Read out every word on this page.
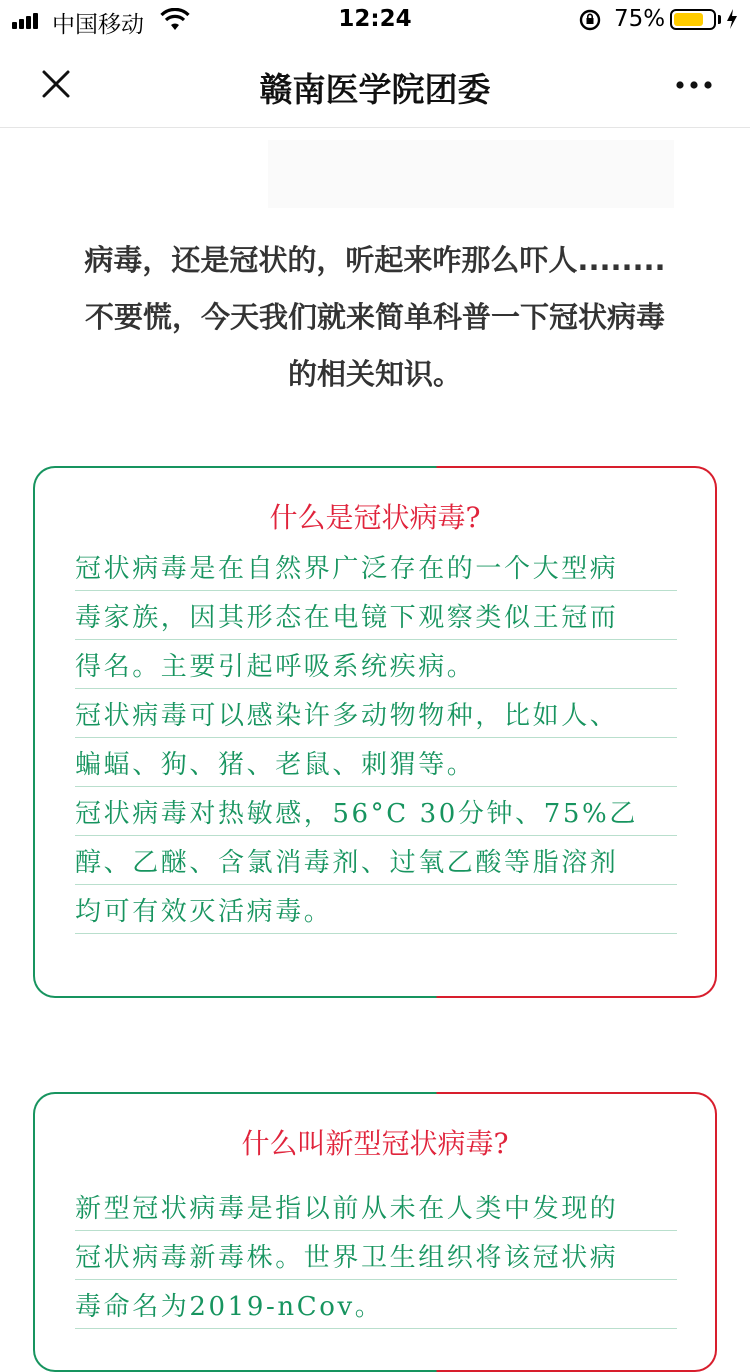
中国移动	12:24	75%
赣南医学院团委
病毒，还是冠状的，听起来咋那么吓人........
不要慌，今天我们就来简单科普一下冠状病毒
的相关知识。
什么是冠状病毒?
冠状病毒是在自然界广泛存在的一个大型病
毒家族，因其形态在电镜下观察类似王冠而
得名。主要引起呼吸系统疾病。
冠状病毒可以感染许多动物物种，比如人、
蝙蝠、狗、猪、老鼠、刺猬等。
冠状病毒对热敏感，56°C 30分钟、75%乙
醇、乙醚、含氯消毒剂、过氧乙酸等脂溶剂
均可有效灭活病毒。
什么叫新型冠状病毒?
新型冠状病毒是指以前从未在人类中发现的
冠状病毒新毒株。世界卫生组织将该冠状病
毒命名为2019-nCov。
